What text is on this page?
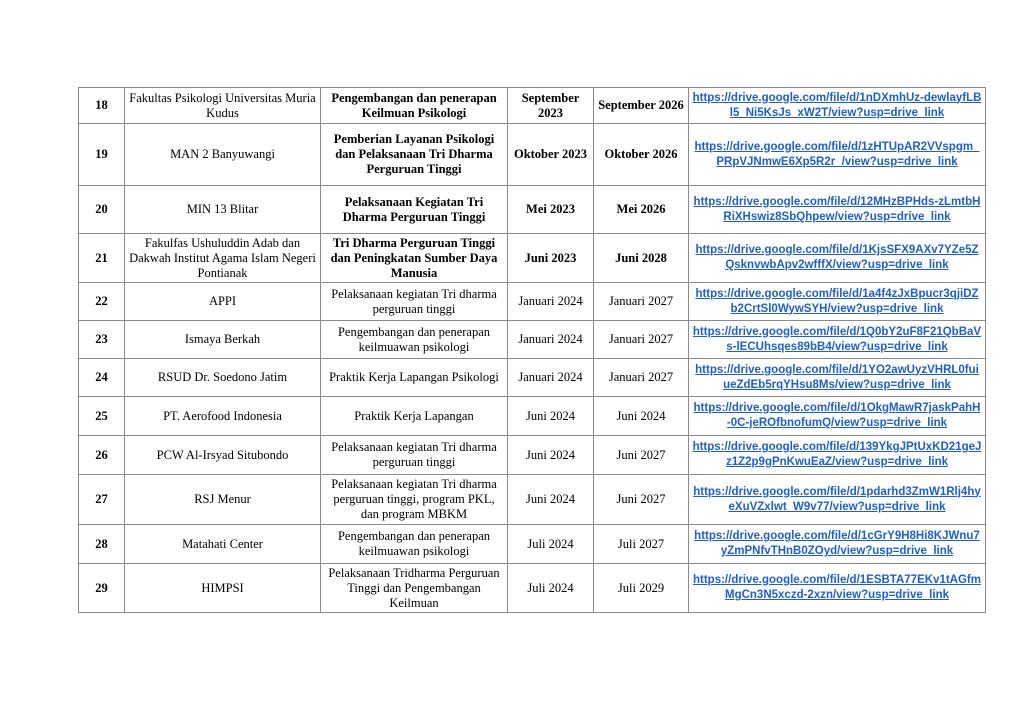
18	Fakultas Psikologi Universitas Muria Kudus	Pengembangan dan penerapan Keilmuan Psikologi	September 2023	September 2026	https://drive.google.com/file/d/1nDXmhUz-dewlayfLBl5_Ni5KsJs_xW2T/view?usp=drive_link

19	MAN 2 Banyuwangi	Pemberian Layanan Psikologi dan Pelaksanaan Tri Dharma Perguruan Tinggi	Oktober 2023	Oktober 2026	https://drive.google.com/file/d/1zHTUpAR2VVspgm_PRpVJNmwE6Xp5R2r_/view?usp=drive_link

20	MIN 13 Blitar	Pelaksanaan Kegiatan Tri Dharma Perguruan Tinggi	Mei 2023	Mei 2026	https://drive.google.com/file/d/12MHzBPHds-zLmtbHRiXHswiz8SbQhpew/view?usp=drive_link

21	Fakulfas Ushuluddin Adab dan Dakwah Institut Agama Islam Negeri Pontianak	Tri Dharma Perguruan Tinggi dan Peningkatan Sumber Daya Manusia	Juni 2023	Juni 2028	https://drive.google.com/file/d/1KjsSFX9AXv7YZe5ZQsknvwbApv2wfffX/view?usp=drive_link

22	APPI	Pelaksanaan kegiatan Tri dharma perguruan tinggi	Januari 2024	Januari 2027	https://drive.google.com/file/d/1a4f4zJxBpucr3qjiDZb2CrtSl0WywSYH/view?usp=drive_link

23	Ismaya Berkah	Pengembangan dan penerapan keilmuawan psikologi	Januari 2024	Januari 2027	https://drive.google.com/file/d/1Q0bY2uF8F21QbBaVs-lECUhsqes89bB4/view?usp=drive_link

24	RSUD Dr. Soedono Jatim	Praktik Kerja Lapangan Psikologi	Januari 2024	Januari 2027	https://drive.google.com/file/d/1YO2awUyzVHRL0fuiueZdEb5rqYHsu8Ms/view?usp=drive_link

25	PT. Aerofood Indonesia	Praktik Kerja Lapangan	Juni 2024	Juni 2024	https://drive.google.com/file/d/1OkgMawR7jaskPahH-0C-jeROfbnofumQ/view?usp=drive_link

26	PCW Al-Irsyad Situbondo	Pelaksanaan kegiatan Tri dharma perguruan tinggi	Juni 2024	Juni 2027	https://drive.google.com/file/d/139YkgJPtUxKD21geJz1Z2p9gPnKwuEaZ/view?usp=drive_link

27	RSJ Menur	Pelaksanaan kegiatan Tri dharma perguruan tinggi, program PKL, dan program MBKM	Juni 2024	Juni 2027	https://drive.google.com/file/d/1pdarhd3ZmW1Rlj4hyeXuVZxlwt_W9v77/view?usp=drive_link

28	Matahati Center	Pengembangan dan penerapan keilmuawan psikologi	Juli 2024	Juli 2027	https://drive.google.com/file/d/1cGrY9H8Hi8KJWnu7yZmPNfvTHnB0ZOyd/view?usp=drive_link

29	HIMPSI	Pelaksanaan Tridharma Perguruan Tinggi dan Pengembangan Keilmuan	Juli 2024	Juli 2029	https://drive.google.com/file/d/1ESBTA77EKv1tAGfmMgCn3N5xczd-2xzn/view?usp=drive_link
